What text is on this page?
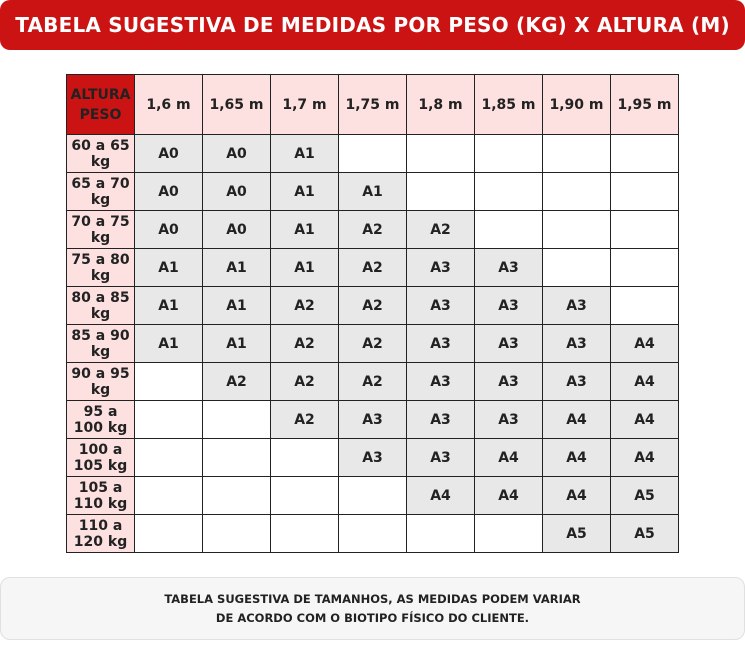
TABELA SUGESTIVA DE MEDIDAS POR PESO (KG) X ALTURA (M)
ALTURA
PESO	1,6 m	1,65 m	1,7 m	1,75 m	1,8 m	1,85 m	1,90 m	1,95 m
60 a 65 kg	A0	A0	A1					
65 a 70 kg	A0	A0	A1	A1				
70 a 75 kg	A0	A0	A1	A2	A2			
75 a 80 kg	A1	A1	A1	A2	A3	A3		
80 a 85 kg	A1	A1	A2	A2	A3	A3	A3	
85 a 90 kg	A1	A1	A2	A2	A3	A3	A3	A4
90 a 95 kg		A2	A2	A2	A3	A3	A3	A4
95 a 100 kg			A2	A3	A3	A3	A4	A4
100 a 105 kg				A3	A3	A4	A4	A4
105 a 110 kg					A4	A4	A4	A5
110 a 120 kg							A5	A5
TABELA SUGESTIVA DE TAMANHOS, AS MEDIDAS PODEM VARIAR
DE ACORDO COM O BIOTIPO FÍSICO DO CLIENTE.
